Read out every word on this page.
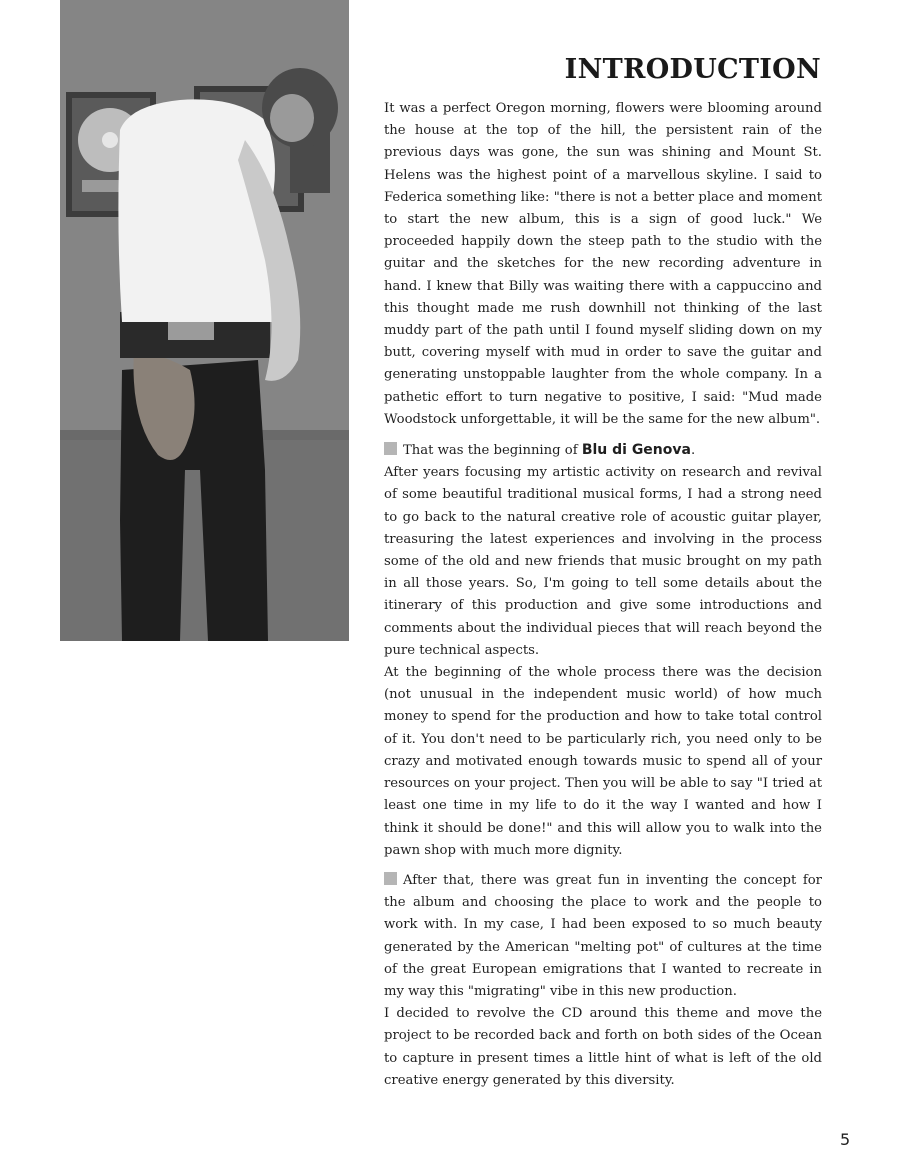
INTRODUCTION

It was a perfect Oregon morning, flowers were blooming around the house at the top of the hill, the persistent rain of the previous days was gone, the sun was shining and Mount St. Helens was the highest point of a marvellous skyline. I said to Federica something like: "there is not a better place and moment to start the new album, this is a sign of good luck." We proceeded happily down the steep path to the studio with the guitar and the sketches for the new recording adventure in hand. I knew that Billy was waiting there with a cappuccino and this thought made me rush downhill not thinking of the last muddy part of the path until I found myself sliding down on my butt, covering myself with mud in order to save the guitar and generating unstoppable laughter from the whole company. In a pathetic effort to turn negative to positive, I said: "Mud made Woodstock unforgettable, it will be the same for the new album".

That was the beginning of Blu di Genova.

After years focusing my artistic activity on research and revival of some beautiful traditional musical forms, I had a strong need to go back to the natural creative role of acoustic guitar player, treasuring the latest experiences and involving in the process some of the old and new friends that music brought on my path in all those years. So, I'm going to tell some details about the itinerary of this production and give some introductions and comments about the individual pieces that will reach beyond the pure technical aspects.

At the beginning of the whole process there was the decision (not unusual in the independent music world) of how much money to spend for the production and how to take total control of it. You don't need to be particularly rich, you need only to be crazy and motivated enough towards music to spend all of your resources on your project. Then you will be able to say "I tried at least one time in my life to do it the way I wanted and how I think it should be done!" and this will allow you to walk into the pawn shop with much more dignity.

After that, there was great fun in inventing the concept for the album and choosing the place to work and the people to work with. In my case, I had been exposed to so much beauty generated by the American "melting pot" of cultures at the time of the great European emigrations that I wanted to recreate in my way this "migrating" vibe in this new production.

I decided to revolve the CD around this theme and move the project to be recorded back and forth on both sides of the Ocean to capture in present times a little hint of what is left of the old creative energy generated by this diversity.

5
